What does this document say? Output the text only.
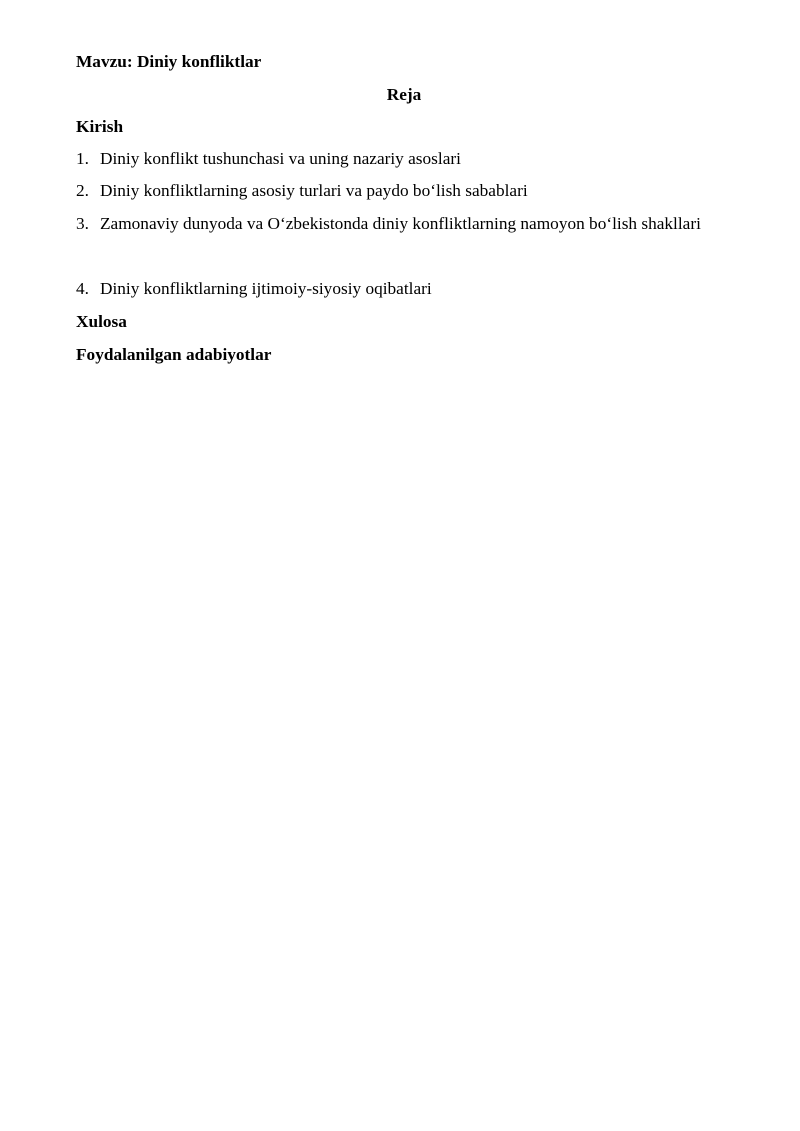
Mavzu: Diniy konfliktlar
Reja
Kirish
1. Diniy konflikt tushunchasi va uning nazariy asoslari
2. Diniy konfliktlarning asosiy turlari va paydo bo‘lish sabablari
3. Zamonaviy dunyoda va O‘zbekistonda diniy konfliktlarning namoyon bo‘lish shakllari
4. Diniy konfliktlarning ijtimoiy-siyosiy oqibatlari
Xulosa
Foydalanilgan adabiyotlar
